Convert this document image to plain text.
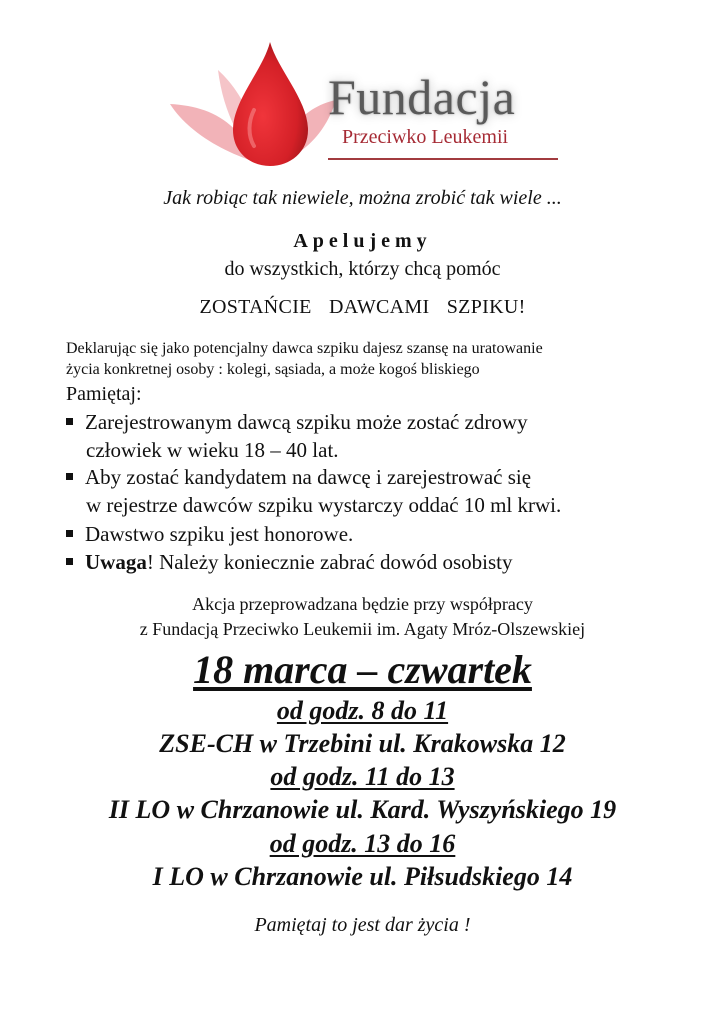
Fundacja
Przeciwko Leukemii
Jak robiąc tak niewiele, można zrobić tak wiele ...
Apelujemy
do wszystkich, którzy chcą pomóc
ZOSTAŃCIE DAWCAMI SZPIKU!
Deklarując się jako potencjalny dawca szpiku dajesz szansę na uratowanie
życia konkretnej osoby : kolegi, sąsiada, a może kogoś bliskiego
Pamiętaj:
Zarejestrowanym dawcą szpiku może zostać zdrowy
człowiek w wieku 18 – 40 lat.
Aby zostać kandydatem na dawcę i zarejestrować się
w rejestrze dawców szpiku wystarczy oddać 10 ml krwi.
Dawstwo szpiku jest honorowe.
Uwaga! Należy koniecznie zabrać dowód osobisty
Akcja przeprowadzana będzie przy współpracy
z Fundacją Przeciwko Leukemii im. Agaty Mróz-Olszewskiej
18 marca – czwartek
od godz. 8 do 11
ZSE-CH w Trzebini ul. Krakowska 12
od godz. 11 do 13
II LO w Chrzanowie ul. Kard. Wyszyńskiego 19
od godz. 13 do 16
I LO w Chrzanowie ul. Piłsudskiego 14
Pamiętaj to jest dar życia !
